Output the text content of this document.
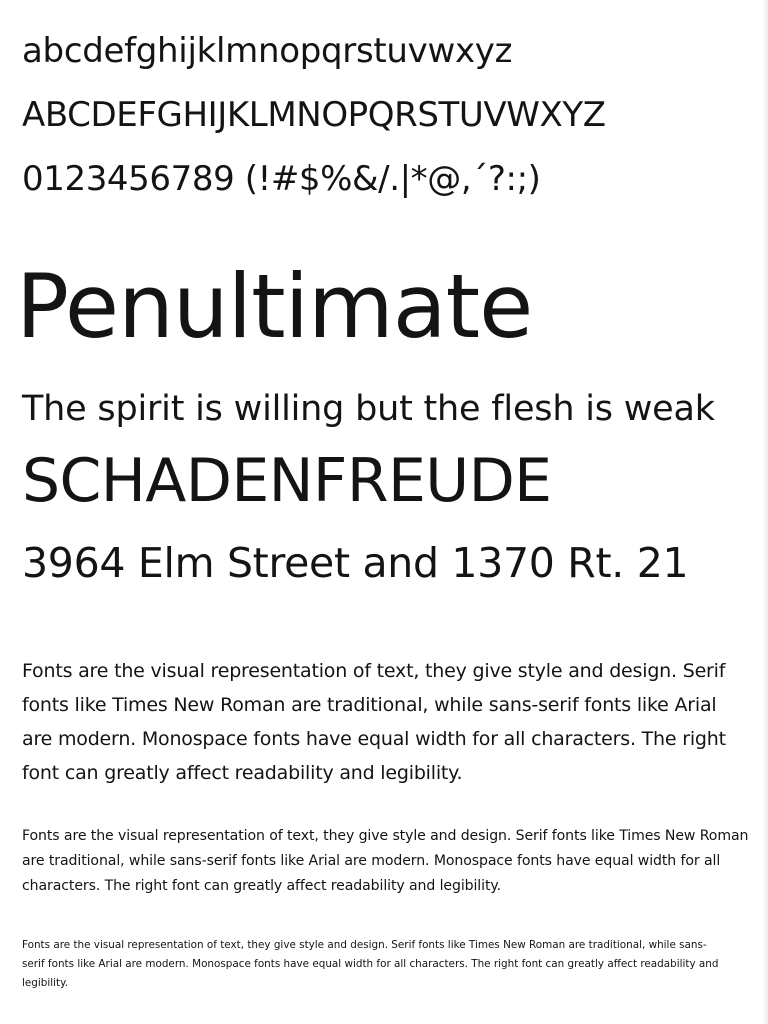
abcdefghijklmnopqrstuvwxyz
ABCDEFGHIJKLMNOPQRSTUVWXYZ
0123456789 (!#$%&/.|*@,´?:;)
Penultimate
The spirit is willing but the flesh is weak
SCHADENFREUDE
3964 Elm Street and 1370 Rt. 21

Fonts are the visual representation of text, they give style and design. Serif fonts like Times New Roman are traditional, while sans-serif fonts like Arial are modern. Monospace fonts have equal width for all characters. The right font can greatly affect readability and legibility.

Fonts are the visual representation of text, they give style and design. Serif fonts like Times New Roman are traditional, while sans-serif fonts like Arial are modern. Monospace fonts have equal width for all characters. The right font can greatly affect readability and legibility.

Fonts are the visual representation of text, they give style and design. Serif fonts like Times New Roman are traditional, while sans-serif fonts like Arial are modern. Monospace fonts have equal width for all characters. The right font can greatly affect readability and legibility.
